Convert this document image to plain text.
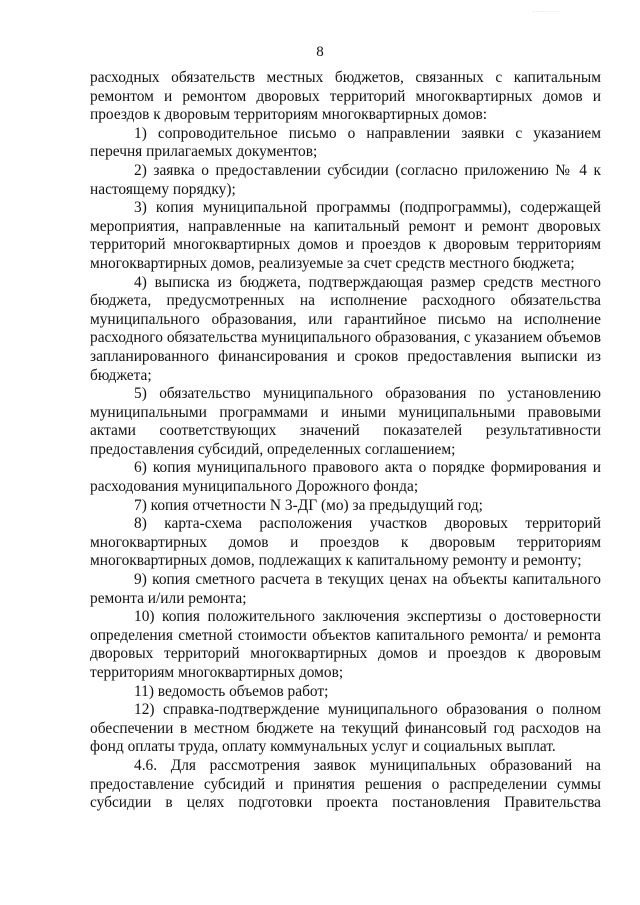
·········
8

расходных обязательств местных бюджетов, связанных с капитальным ремонтом и ремонтом дворовых территорий многоквартирных домов и проездов к дворовым территориям многоквартирных домов:

1) сопроводительное письмо о направлении заявки с указанием перечня прилагаемых документов;

2) заявка о предоставлении субсидии (согласно приложению № 4 к настоящему порядку);

3) копия муниципальной программы (подпрограммы), содержащей мероприятия, направленные на капитальный ремонт и ремонт дворовых территорий многоквартирных домов и проездов к дворовым территориям многоквартирных домов, реализуемые за счет средств местного бюджета;

4) выписка из бюджета, подтверждающая размер средств местного бюджета, предусмотренных на исполнение расходного обязательства муниципального образования, или гарантийное письмо на исполнение расходного обязательства муниципального образования, с указанием объемов запланированного финансирования и сроков предоставления выписки из бюджета;

5) обязательство муниципального образования по установлению муниципальными программами и иными муниципальными правовыми актами соответствующих значений показателей результативности предоставления субсидий, определенных соглашением;

6) копия муниципального правового акта о порядке формирования и расходования муниципального Дорожного фонда;

7) копия отчетности N 3-ДГ (мо) за предыдущий год;

8) карта-схема расположения участков дворовых территорий многоквартирных домов и проездов к дворовым территориям многоквартирных домов, подлежащих к капитальному ремонту и ремонту;

9) копия сметного расчета в текущих ценах на объекты капитального ремонта и/или ремонта;

10) копия положительного заключения экспертизы о достоверности определения сметной стоимости объектов капитального ремонта/ и ремонта дворовых территорий многоквартирных домов и проездов к дворовым территориям многоквартирных домов;

11) ведомость объемов работ;

12) справка-подтверждение муниципального образования о полном обеспечении в местном бюджете на текущий финансовый год расходов на фонд оплаты труда, оплату коммунальных услуг и социальных выплат.

4.6. Для рассмотрения заявок муниципальных образований на предоставление субсидий и принятия решения о распределении суммы субсидии в целях подготовки проекта постановления Правительства
